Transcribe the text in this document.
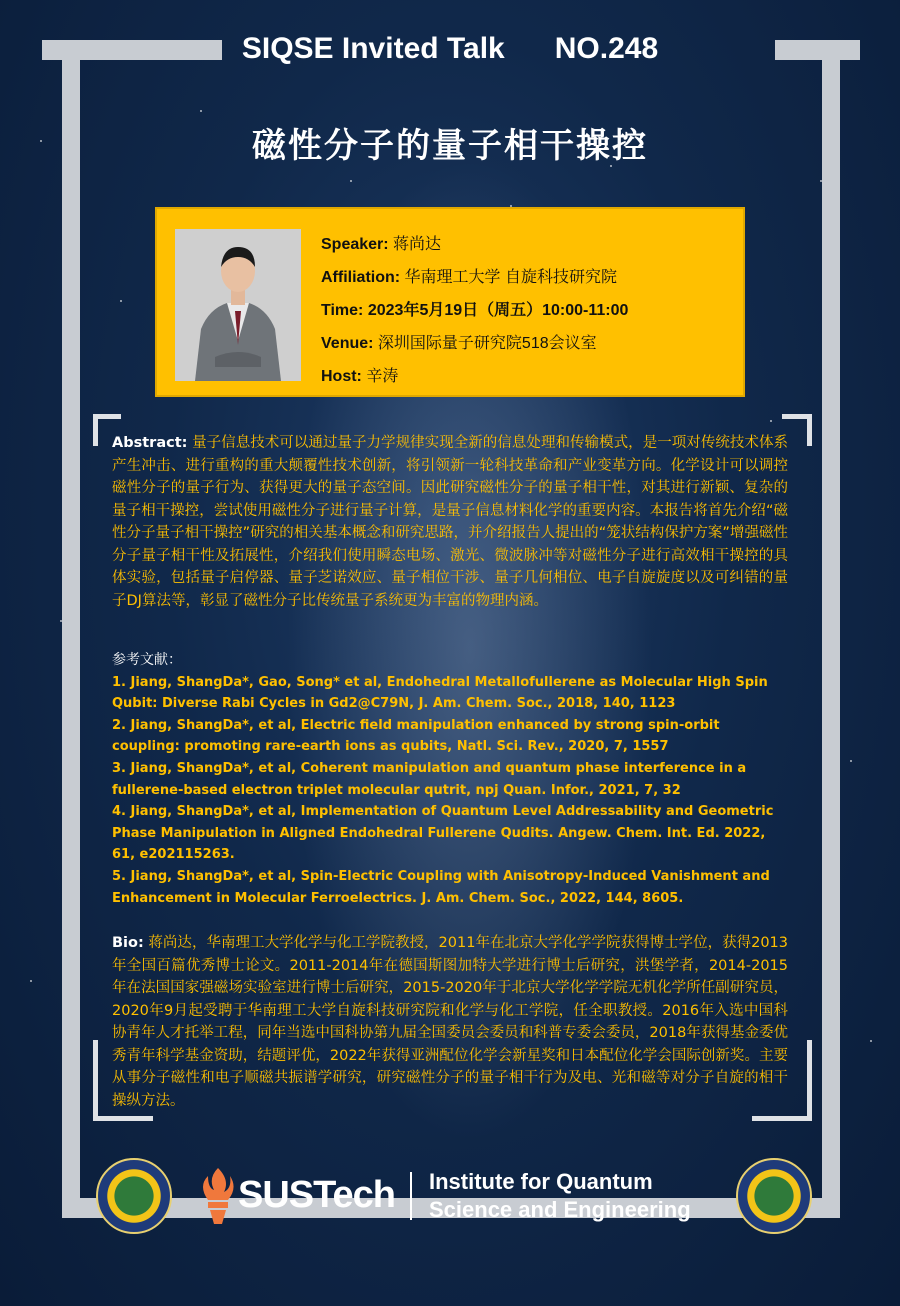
SIQSE Invited Talk NO.248
磁性分子的量子相干操控
Speaker: 蒋尚达
Affiliation: 华南理工大学 自旋科技研究院
Time: 2023年5月19日（周五）10:00-11:00
Venue: 深圳国际量子研究院518会议室
Host: 辛涛
Abstract: 量子信息技术可以通过量子力学规律实现全新的信息处理和传输模式，是一项对传统技术体系产生冲击、进行重构的重大颠覆性技术创新，将引领新一轮科技革命和产业变革方向。化学设计可以调控磁性分子的量子行为、获得更大的量子态空间。因此研究磁性分子的量子相干性，对其进行新颖、复杂的量子相干操控，尝试使用磁性分子进行量子计算，是量子信息材料化学的重要内容。本报告将首先介绍“磁性分子量子相干操控”研究的相关基本概念和研究思路，并介绍报告人提出的“笼状结构保护方案”增强磁性分子量子相干性及拓展性，介绍我们使用瞬态电场、激光、微波脉冲等对磁性分子进行高效相干操控的具体实验，包括量子启停器、量子芝诺效应、量子相位干涉、量子几何相位、电子自旋旋度以及可纠错的量子DJ算法等，彰显了磁性分子比传统量子系统更为丰富的物理内涵。
参考文献：
1. Jiang, ShangDa*, Gao, Song* et al, Endohedral Metallofullerene as Molecular High Spin Qubit: Diverse Rabi Cycles in Gd2@C79N, J. Am. Chem. Soc., 2018, 140, 1123
2. Jiang, ShangDa*, et al, Electric field manipulation enhanced by strong spin-orbit coupling: promoting rare-earth ions as qubits, Natl. Sci. Rev., 2020, 7, 1557
3. Jiang, ShangDa*, et al, Coherent manipulation and quantum phase interference in a fullerene-based electron triplet molecular qutrit, npj Quan. Infor., 2021, 7, 32
4. Jiang, ShangDa*, et al, Implementation of Quantum Level Addressability and Geometric Phase Manipulation in Aligned Endohedral Fullerene Qudits. Angew. Chem. Int. Ed. 2022, 61, e202115263.
5. Jiang, ShangDa*, et al, Spin-Electric Coupling with Anisotropy-Induced Vanishment and Enhancement in Molecular Ferroelectrics. J. Am. Chem. Soc., 2022, 144, 8605.
Bio: 蒋尚达，华南理工大学化学与化工学院教授，2011年在北京大学化学学院获得博士学位，获得2013年全国百篇优秀博士论文。2011-2014年在德国斯图加特大学进行博士后研究，洪堡学者，2014-2015年在法国国家强磁场实验室进行博士后研究，2015-2020年于北京大学化学学院无机化学所任副研究员，2020年9月起受聘于华南理工大学自旋科技研究院和化学与化工学院，任全职教授。2016年入选中国科协青年人才托举工程，同年当选中国科协第九届全国委员会委员和科普专委会委员，2018年获得基金委优秀青年科学基金资助，结题评优，2022年获得亚洲配位化学会新星奖和日本配位化学会国际创新奖。主要从事分子磁性和电子顺磁共振谱学研究，研究磁性分子的量子相干行为及电、光和磁等对分子自旋的相干操纵方法。
SUSTech Institute for Quantum
Science and Engineering
